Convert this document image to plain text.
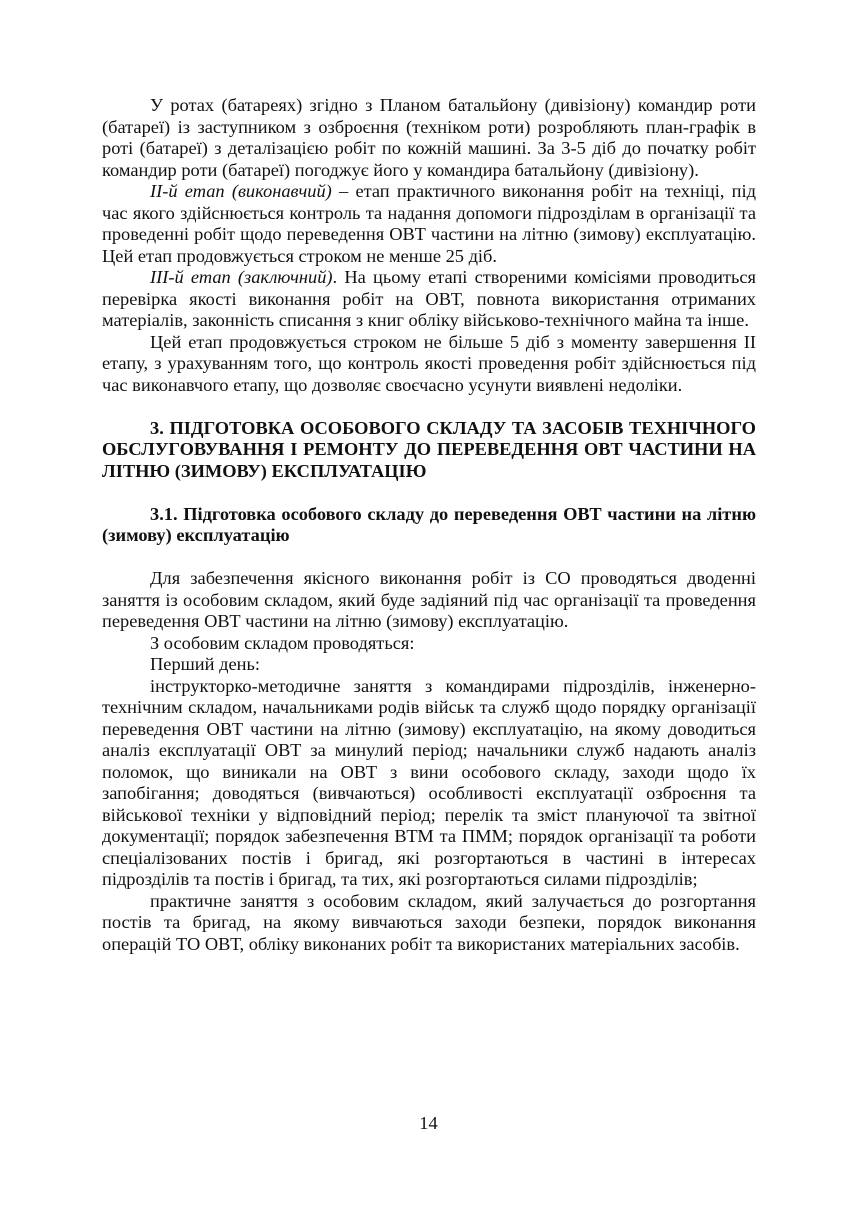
У ротах (батареях) згідно з Планом батальйону (дивізіону) командир роти (батареї) із заступником з озброєння (техніком роти) розробляють план-графік в роті (батареї) з деталізацією робіт по кожній машині. За 3-5 діб до початку робіт командир роти (батареї) погоджує його у командира батальйону (дивізіону).

II-й етап (виконавчий) – етап практичного виконання робіт на техніці, під час якого здійснюється контроль та надання допомоги підрозділам в організації та проведенні робіт щодо переведення ОВТ частини на літню (зимову) експлуатацію. Цей етап продовжується строком не менше 25 діб.

III-й етап (заключний). На цьому етапі створеними комісіями проводиться перевірка якості виконання робіт на ОВТ, повнота використання отриманих матеріалів, законність списання з книг обліку військово-технічного майна та інше.

Цей етап продовжується строком не більше 5 діб з моменту завершення II етапу, з урахуванням того, що контроль якості проведення робіт здійснюється під час виконавчого етапу, що дозволяє своєчасно усунути виявлені недоліки.

3. ПІДГОТОВКА ОСОБОВОГО СКЛАДУ ТА ЗАСОБІВ ТЕХНІЧНОГО ОБСЛУГОВУВАННЯ І РЕМОНТУ ДО ПЕРЕВЕДЕННЯ ОВТ ЧАСТИНИ НА ЛІТНЮ (ЗИМОВУ) ЕКСПЛУАТАЦІЮ

3.1. Підготовка особового складу до переведення ОВТ частини на літню (зимову) експлуатацію

Для забезпечення якісного виконання робіт із СО проводяться дводенні заняття із особовим складом, який буде задіяний під час організації та проведення переведення ОВТ частини на літню (зимову) експлуатацію.

З особовим складом проводяться:

Перший день:

інструкторко-методичне заняття з командирами підрозділів, інженерно-технічним складом, начальниками родів військ та служб щодо порядку організації переведення ОВТ частини на літню (зимову) експлуатацію, на якому доводиться аналіз експлуатації ОВТ за минулий період; начальники служб надають аналіз поломок, що виникали на ОВТ з вини особового складу, заходи щодо їх запобігання; доводяться (вивчаються) особливості експлуатації озброєння та військової техніки у відповідний період; перелік та зміст плануючої та звітної документації; порядок забезпечення ВТМ та ПММ; порядок організації та роботи спеціалізованих постів і бригад, які розгортаються в частині в інтересах підрозділів та постів і бригад, та тих, які розгортаються силами підрозділів;

практичне заняття з особовим складом, який залучається до розгортання постів та бригад, на якому вивчаються заходи безпеки, порядок виконання операцій ТО ОВТ, обліку виконаних робіт та використаних матеріальних засобів.

14
